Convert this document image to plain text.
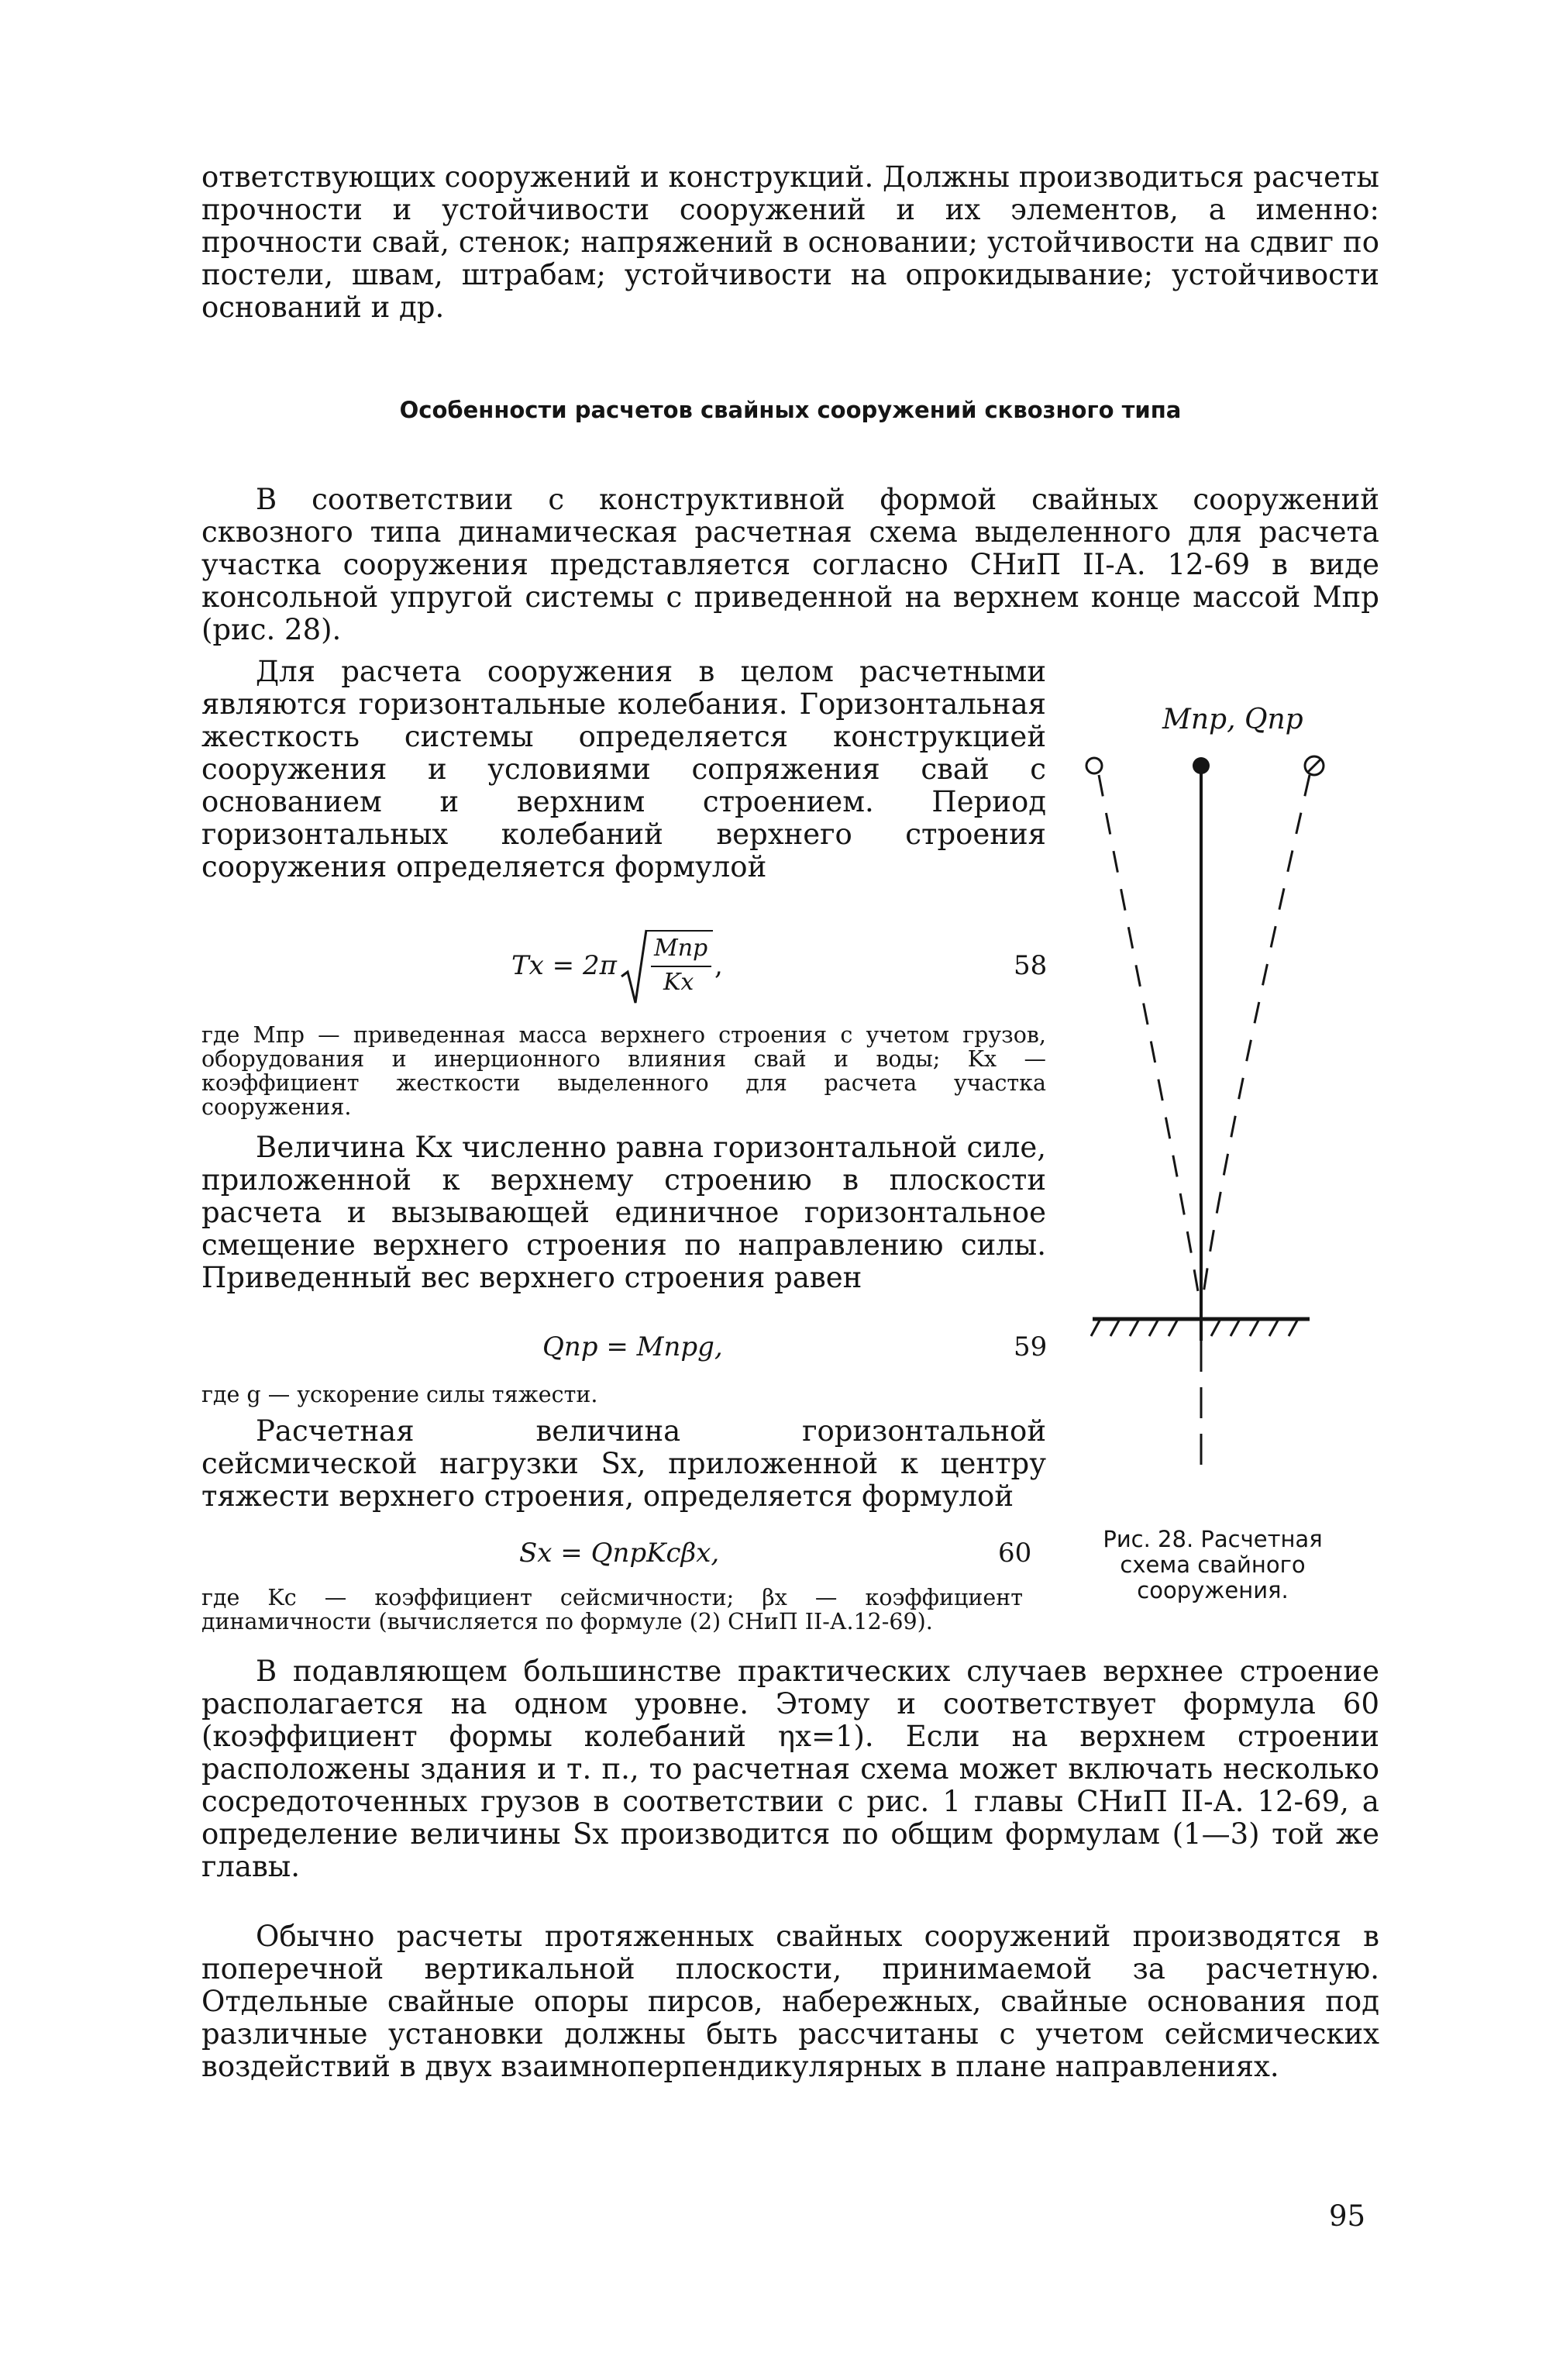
ответствующих сооружений и конструкций. Должны производиться расчеты прочности и устойчивости сооружений и их элементов, а именно: прочности свай, стенок; напряжений в основании; устойчивости на сдвиг по постели, швам, штрабам; устойчивости на опрокидывание; устойчивости оснований и др.

Особенности расчетов свайных сооружений сквозного типа

В соответствии с конструктивной формой свайных сооружений сквозного типа динамическая расчетная схема выделенного для расчета участка сооружения представляется согласно СНиП II-А. 12-69 в виде консольной упругой системы с приведенной на верхнем конце массой Mпр (рис. 28).

Для расчета сооружения в целом расчетными являются горизонтальные колебания. Горизонтальная жесткость системы определяется конструкцией сооружения и условиями сопряжения свай с основанием и верхним строением. Период горизонтальных колебаний верхнего строения сооружения определяется формулой

Tx = 2π
Mпр
Kx
,	58

где Mпр — приведенная масса верхнего строения с учетом грузов, оборудования и инерционного влияния свай и воды; Kx — коэффициент жесткости выделенного для расчета участка сооружения.

Величина Kx численно равна горизонтальной силе, приложенной к верхнему строению в плоскости расчета и вызывающей единичное горизонтальное смещение верхнего строения по направлению силы. Приведенный вес верхнего строения равен

Qпр = Mпрg,	59

где g — ускорение силы тяжести.

Расчетная величина горизонтальной сейсмической нагрузки Sx, приложенной к центру тяжести верхнего строения, определяется формулой

Sx = QпрKcβx,	60

где Kc — коэффициент сейсмичности; βx — коэффициент динамичности (вычисляется по формуле (2) СНиП II-А.12-69).

В подавляющем большинстве практических случаев верхнее строение располагается на одном уровне. Этому и соответствует формула 60 (коэффициент формы колебаний ηx=1). Если на верхнем строении расположены здания и т. п., то расчетная схема может включать несколько сосредоточенных грузов в соответствии с рис. 1 главы СНиП II-А. 12-69, а определение величины Sx производится по общим формулам (1—3) той же главы.

Обычно расчеты протяженных свайных сооружений производятся в поперечной вертикальной плоскости, принимаемой за расчетную. Отдельные свайные опоры пирсов, набережных, свайные основания под различные установки должны быть рассчитаны с учетом сейсмических воздействий в двух взаимноперпендикулярных в плане направлениях.

Mпр, Qпр
Рис. 28. Расчетная схема свайного сооружения.
95
